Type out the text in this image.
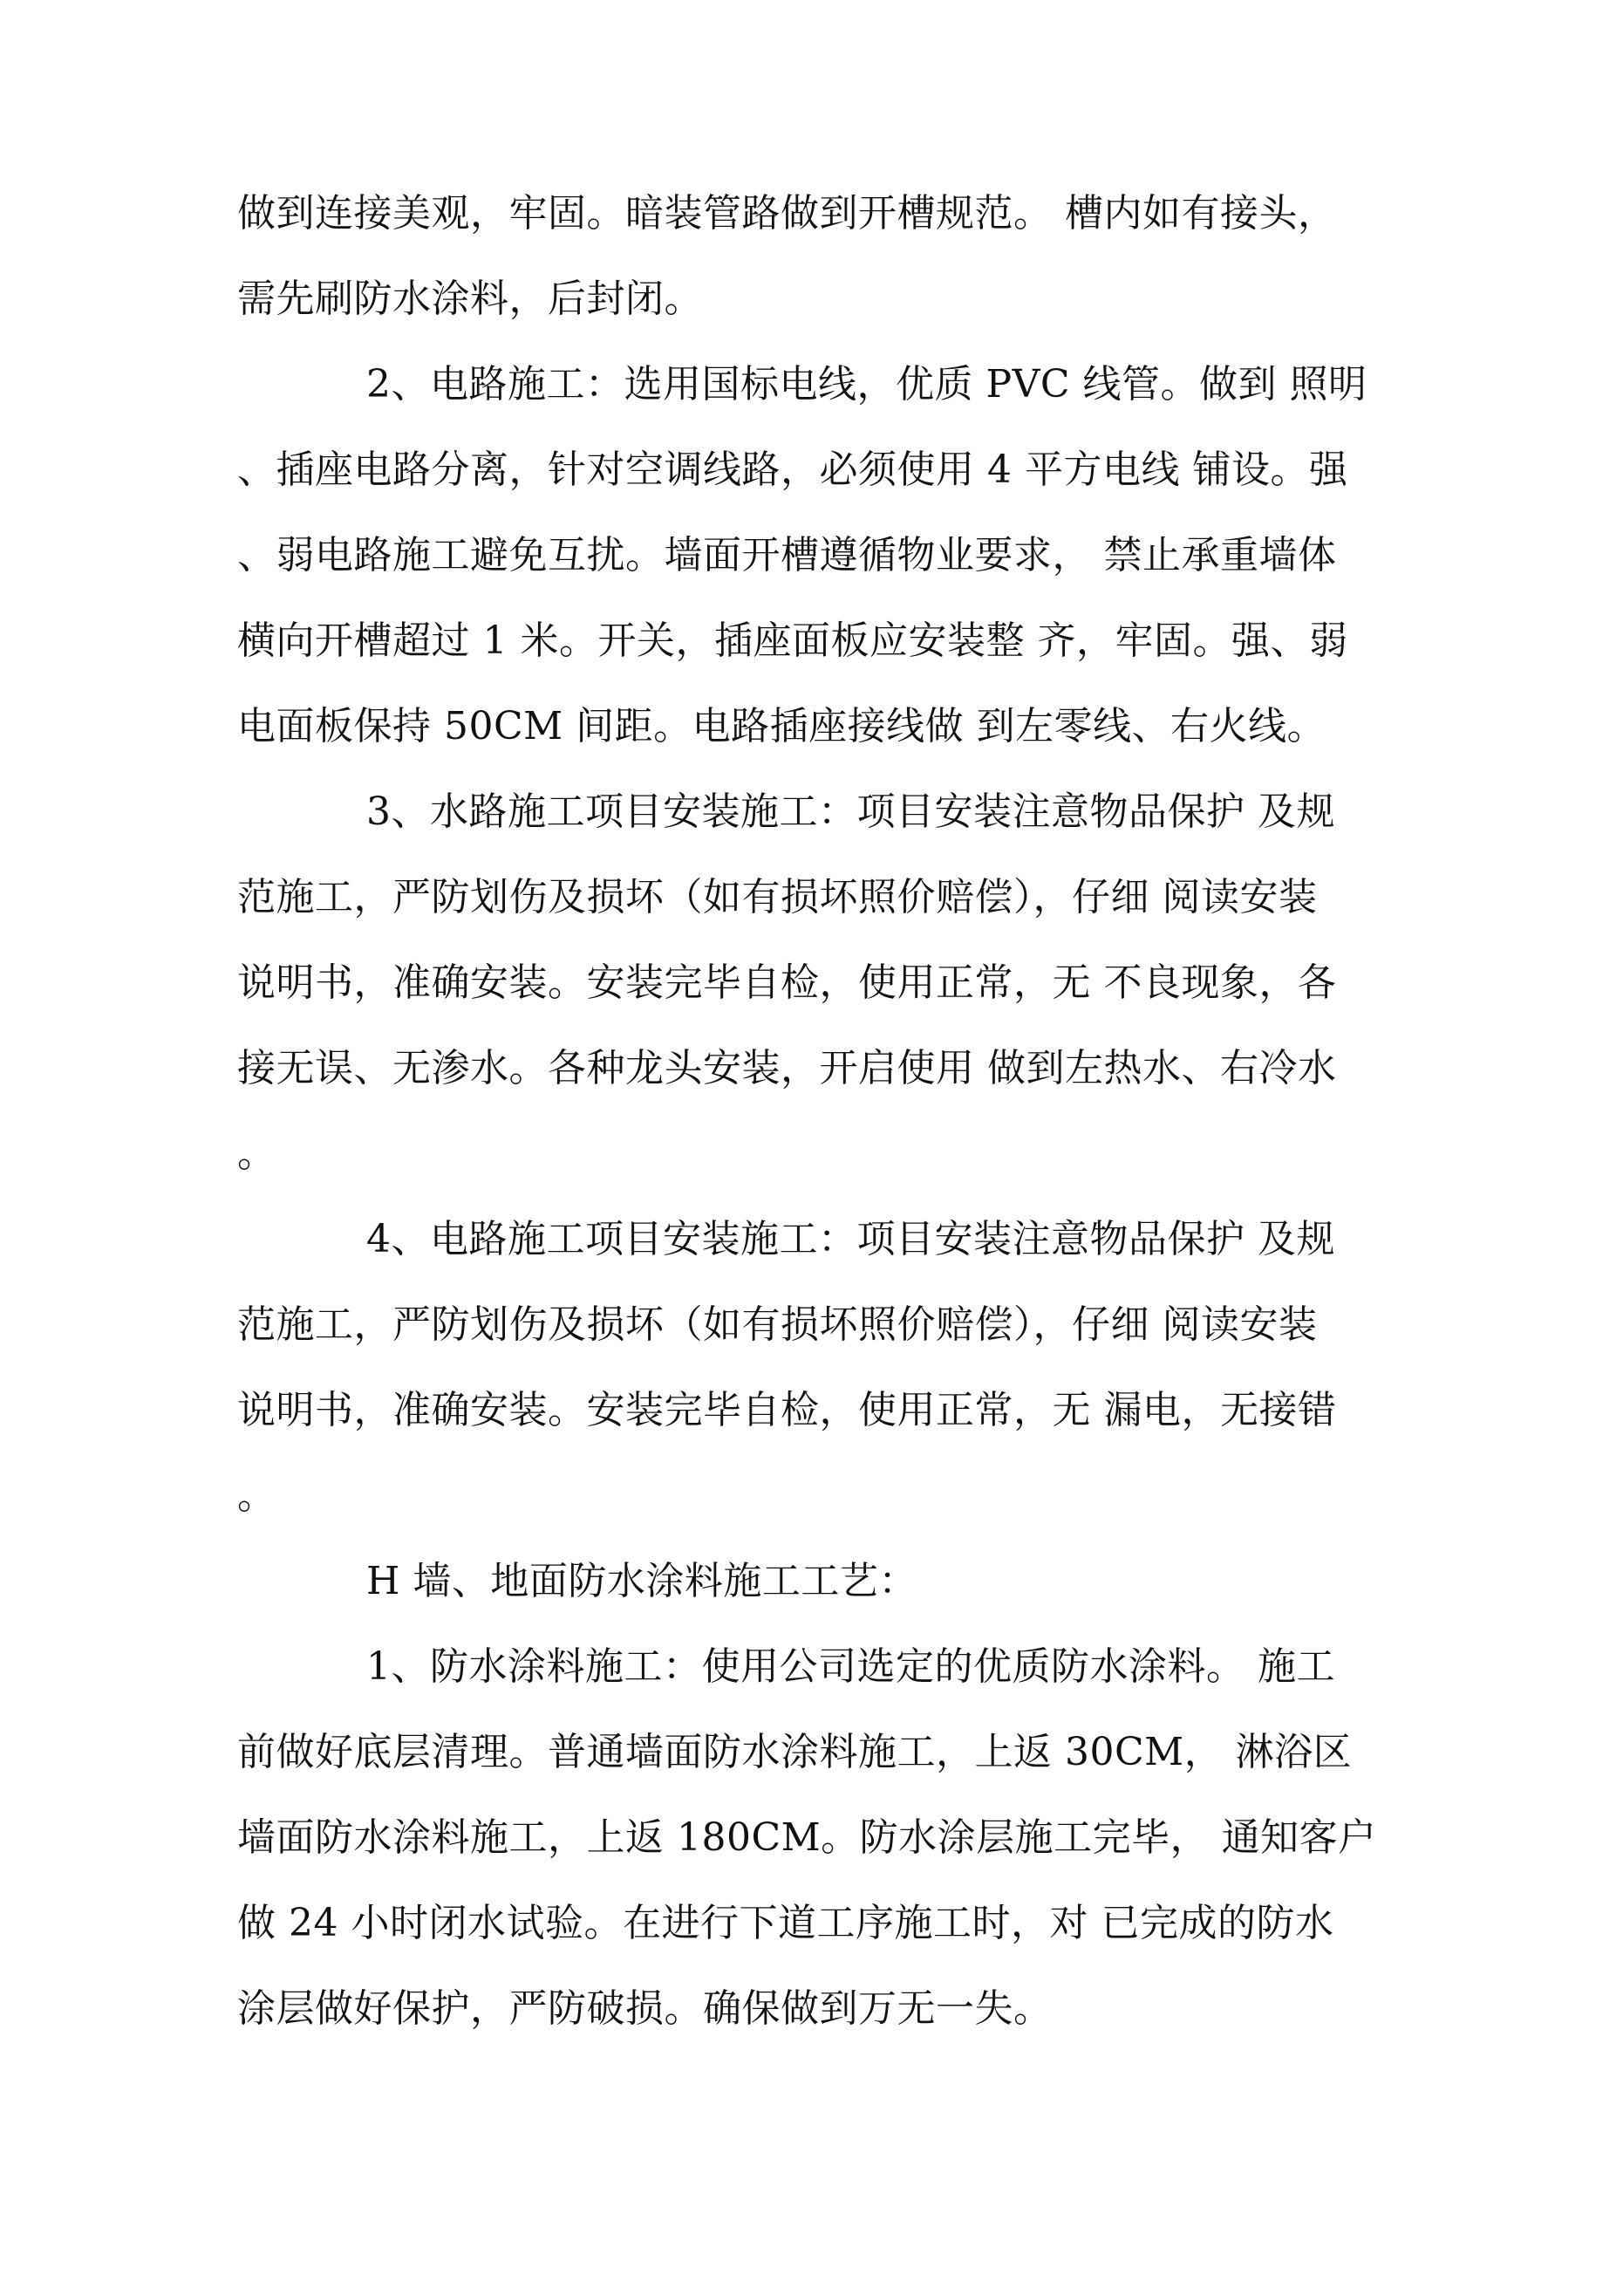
做到连接美观，牢固。暗装管路做到开槽规范。 槽内如有接头，
需先刷防水涂料，后封闭。
2、电路施工：选用国标电线，优质 PVC 线管。做到 照明
、插座电路分离，针对空调线路，必须使用 4 平方电线 铺设。强
、弱电路施工避免互扰。墙面开槽遵循物业要求， 禁止承重墙体
横向开槽超过 1 米。开关，插座面板应安装整 齐，牢固。强、弱
电面板保持 50CM 间距。电路插座接线做 到左零线、右火线。
3、水路施工项目安装施工：项目安装注意物品保护 及规
范施工，严防划伤及损坏（如有损坏照价赔偿），仔细 阅读安装
说明书，准确安装。安装完毕自检，使用正常，无 不良现象，各
接无误、无渗水。各种龙头安装，开启使用 做到左热水、右冷水
。
4、电路施工项目安装施工：项目安装注意物品保护 及规
范施工，严防划伤及损坏（如有损坏照价赔偿），仔细 阅读安装
说明书，准确安装。安装完毕自检，使用正常，无 漏电，无接错
。
H 墙、地面防水涂料施工工艺：
1、防水涂料施工：使用公司选定的优质防水涂料。 施工
前做好底层清理。普通墙面防水涂料施工，上返 30CM， 淋浴区
墙面防水涂料施工，上返 180CM。防水涂层施工完毕， 通知客户
做 24 小时闭水试验。在进行下道工序施工时，对 已完成的防水
涂层做好保护，严防破损。确保做到万无一失。
